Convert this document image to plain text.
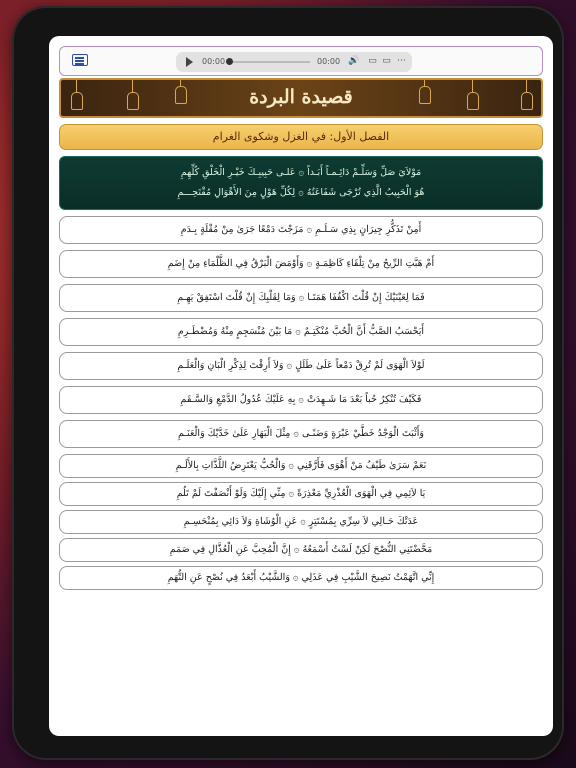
00:00	00:00 🔊 ▭ ▭ ⋯
قصيدة البردة
الفصل الأول: في الغزل وشكوى الغرام
مَوْلاَيَ صَلِّ وَسَلِّـمْ دَائِـمـاً أَبَـداً ۞ عَلـى حَبِيبِـكَ خَيْـرِ الْخَلْقِ كُلِّهِمِ
هُوَ الْحَبِيبُ الَّذِي تُرْجَى شَفَاعَتُهُ ۞ لِكُلِّ هَوْلٍ مِنَ الأَهْوَالِ مُقْتَحِـــمِ
أَمِنْ تَذَكُّرِ جِيرَانٍ بِذِي سَـلَـمِ ۞ مَزَجْتَ دَمْعًا جَرَىٰ مِنْ مُقْلَةٍ بِـدَمِ
أَمْ هَبَّتِ الرِّيحُ مِنْ تِلْقَاءِ كَاظِمَـةٍ ۞ وَأَوْمَضَ الْبَرْقُ فِي الظَّلْمَاءِ مِنْ إِضَمِ
فَمَا لِعَيْنَيْكَ إِنْ قُلْتَ اكْفُفَا هَمَتَـا ۞ وَمَا لِقَلْبِكَ إِنْ قُلْتَ اسْتَفِقْ يَهِـمِ
أَيَحْسَبُ الصَّبُّ أَنَّ الْحُبَّ مُنْكَتِـمٌ ۞ مَا بَيْنَ مُنْسَجِمٍ مِنْهُ وَمُضْطَـرِمِ
لَوْلاَ الْهَوَى لَمْ تُرِقْ دَمْعاً عَلَىٰ طَلَلٍ ۞ وَلاَ أَرِقْتَ لِذِكْرِ الْبَانِ وَالْعَلَـمِ
فَكَيْفَ تُنْكِرُ حُباً بَعْدَ مَا شَـهِدَتْ ۞ بِهِ عَلَيْكَ عُدُولُ الدَّمْعِ وَالسَّـقَمِ
وَأَثْبَتَ الْوَجْدُ خَطَّيْ عَبْرَةٍ وَضَنًـى ۞ مِثْلَ الْبَهَارِ عَلَىٰ خَدَّيْكَ وَالْعَنَـمِ
نَعَمْ سَرَىٰ طَيْفُ مَنْ أَهْوَى فَأَرَّقَنِي ۞ وَالْحُبُّ يَعْتَرِضُ اللَّذَّاتِ بِالأَلَـمِ
يَا لاَئِمِي فِي الْهَوَى الْعُذْرِيِّ مَعْذِرَةً ۞ مِنِّي إِلَيْكَ وَلَوْ أَنْصَفْتَ لَمْ تَلُمِ
عَدَتْكَ حَـالِي لاَ سِرِّي بِمُسْتَتِرٍ ۞ عَنِ الْوُشَاةِ وَلاَ دَائِي بِمُنْحَسِـمِ
مَحَّضْتَنِي النُّصْحَ لَكِنْ لَسْتُ أَسْمَعُهُ ۞ إِنَّ الْمُحِبَّ عَنِ الْعُذَّالِ فِي صَمَمِ
إِنِّي اتَّهَمْتُ نَصِيحَ الشَّيْبِ فِي عَذَلِي ۞ وَالشَّيْبُ أَبْعَدُ فِي نُصْحٍ عَنِ التُّهَمِ
